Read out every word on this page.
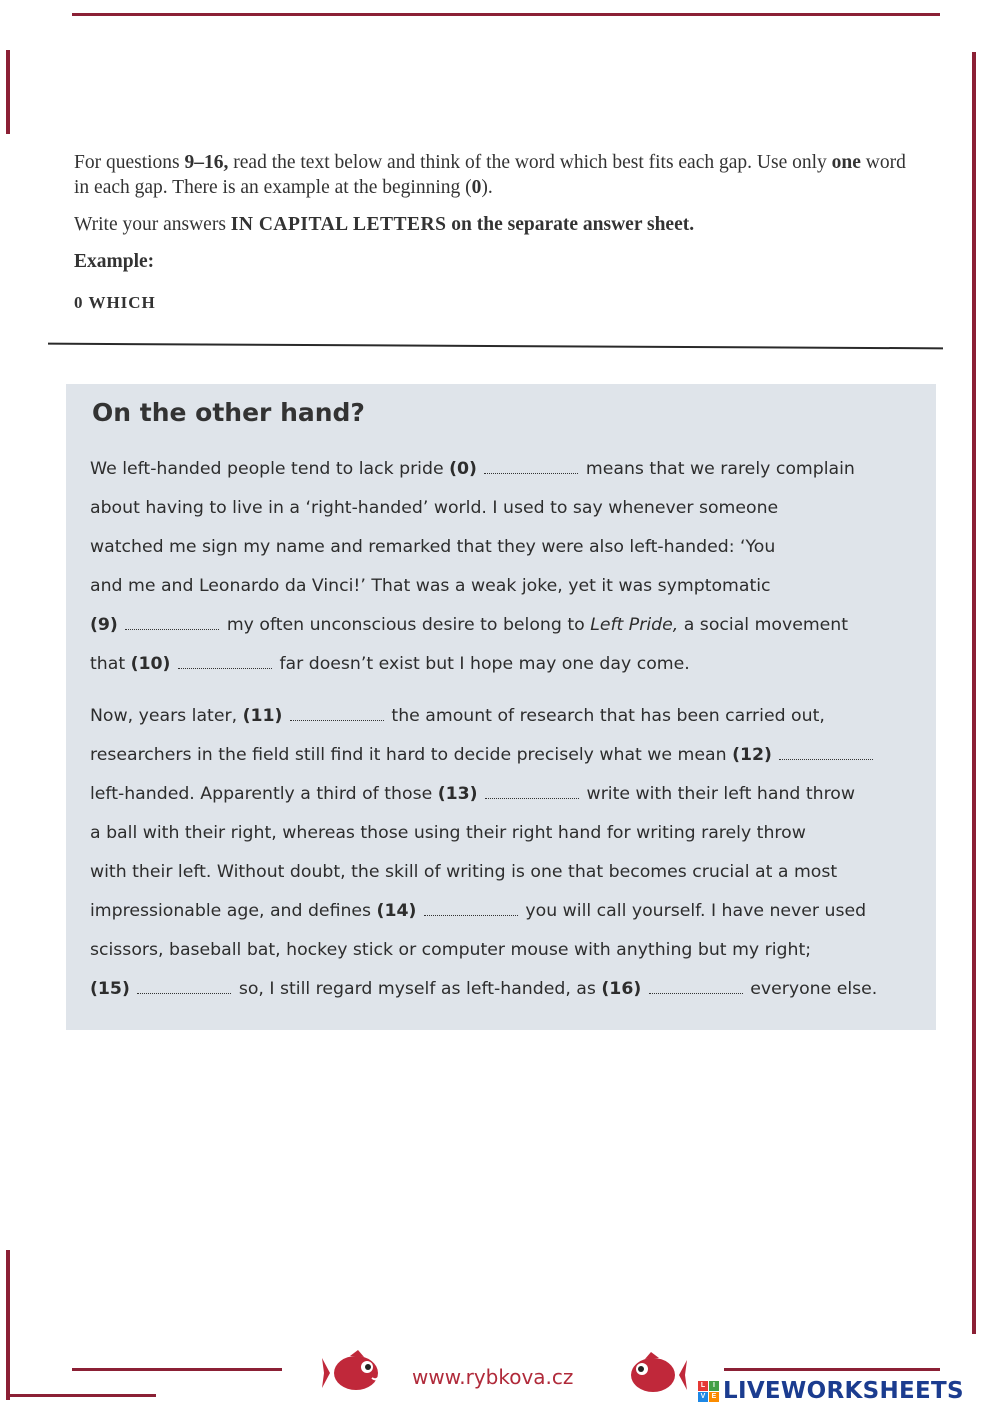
For questions 9–16, read the text below and think of the word which best fits each gap. Use only one word in each gap. There is an example at the beginning (0).

Write your answers IN CAPITAL LETTERS on the separate answer sheet.

Example:

0 WHICH

On the other hand?
We left-handed people tend to lack pride (0)	means that we rarely complain
about having to live in a ‘right-handed’ world. I used to say whenever someone
watched me sign my name and remarked that they were also left-handed: ‘You
and me and Leonardo da Vinci!’ That was a weak joke, yet it was symptomatic
(9)	my often unconscious desire to belong to Left Pride, a social movement
that (10)	far doesn’t exist but I hope may one day come.
Now, years later, (11)	the amount of research that has been carried out,
researchers in the field still find it hard to decide precisely what we mean (12)
left-handed. Apparently a third of those (13)	write with their left hand throw
a ball with their right, whereas those using their right hand for writing rarely throw
with their left. Without doubt, the skill of writing is one that becomes crucial at a most
impressionable age, and defines (14)	you will call yourself. I have never used
scissors, baseball bat, hockey stick or computer mouse with anything but my right;
(15)	so, I still regard myself as left-handed, as (16)	everyone else.
www.rybkova.cz	L	I
V E LIVEWORKSHEETS
